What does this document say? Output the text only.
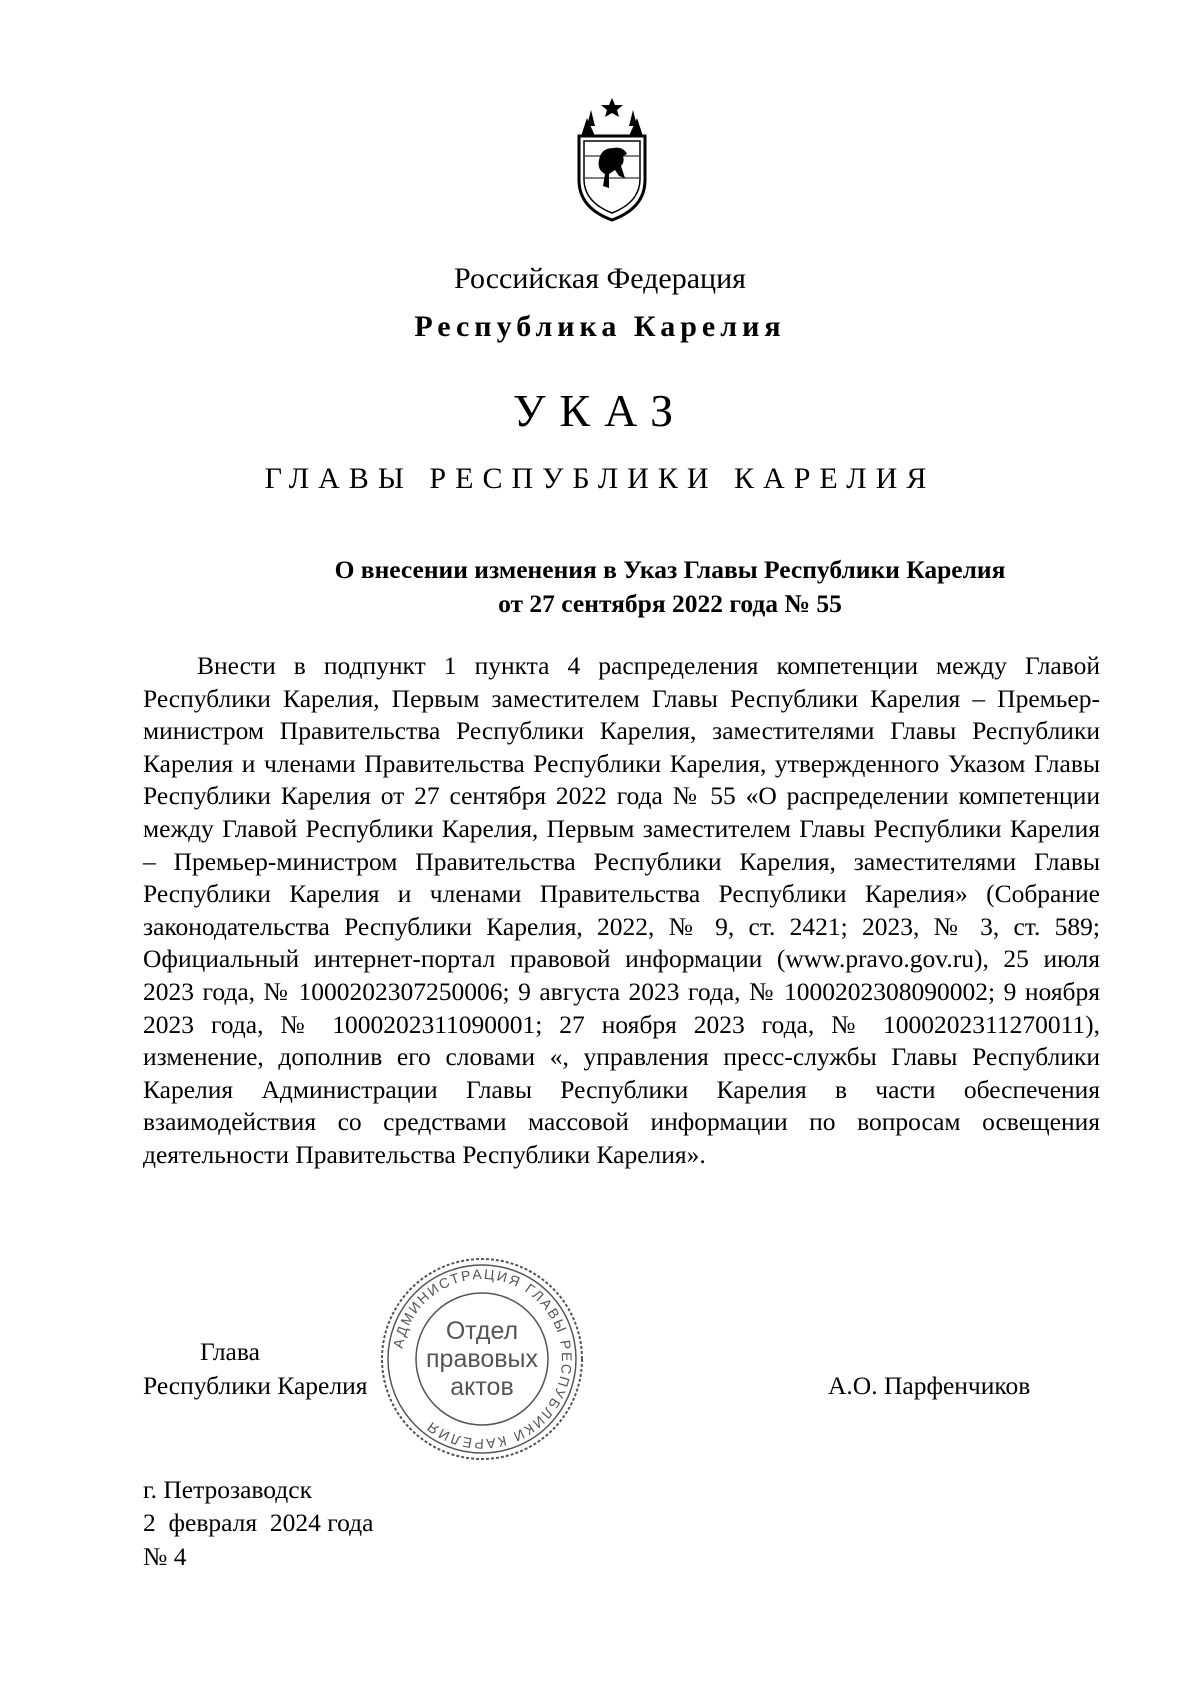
Российская Федерация
Республика Карелия
УКАЗ
ГЛАВЫ РЕСПУБЛИКИ КАРЕЛИЯ
О внесении изменения в Указ Главы Республики Карелия
от 27 сентября 2022 года № 55

Внести в подпункт 1 пункта 4 распределения компетенции между Главой Республики Карелия, Первым заместителем Главы Республики Карелия – Премьер-министром Правительства Республики Карелия, заместителями Главы Республики Карелия и членами Правительства Республики Карелия, утвержденного Указом Главы Республики Карелия от 27 сентября 2022 года № 55 «О распределении компетенции между Главой Республики Карелия, Первым заместителем Главы Республики Карелия – Премьер-министром Правительства Республики Карелия, заместителями Главы Республики Карелия и членами Правительства Республики Карелия» (Собрание законодательства Республики Карелия, 2022, № 9, ст. 2421; 2023, № 3, ст. 589; Официальный интернет-портал правовой информации (www.pravo.gov.ru), 25 июля 2023 года, № 1000202307250006; 9 августа 2023 года, № 1000202308090002; 9 ноября 2023 года, № 1000202311090001; 27 ноября 2023 года, № 1000202311270011), изменение, дополнив его словами «, управления пресс-службы Главы Республики Карелия Администрации Главы Республики Карелия в части обеспечения взаимодействия со средствами массовой информации по вопросам освещения деятельности Правительства Республики Карелия».

Глава
Республики Карелия
АДМИНИСТРАЦИЯ ГЛАВЫ РЕСПУБЛИКИ КАРЕЛИЯ
Отдел
правовых
актов	А.О. Парфенчиков
г. Петрозаводск
2  февраля  2024 года
№ 4
